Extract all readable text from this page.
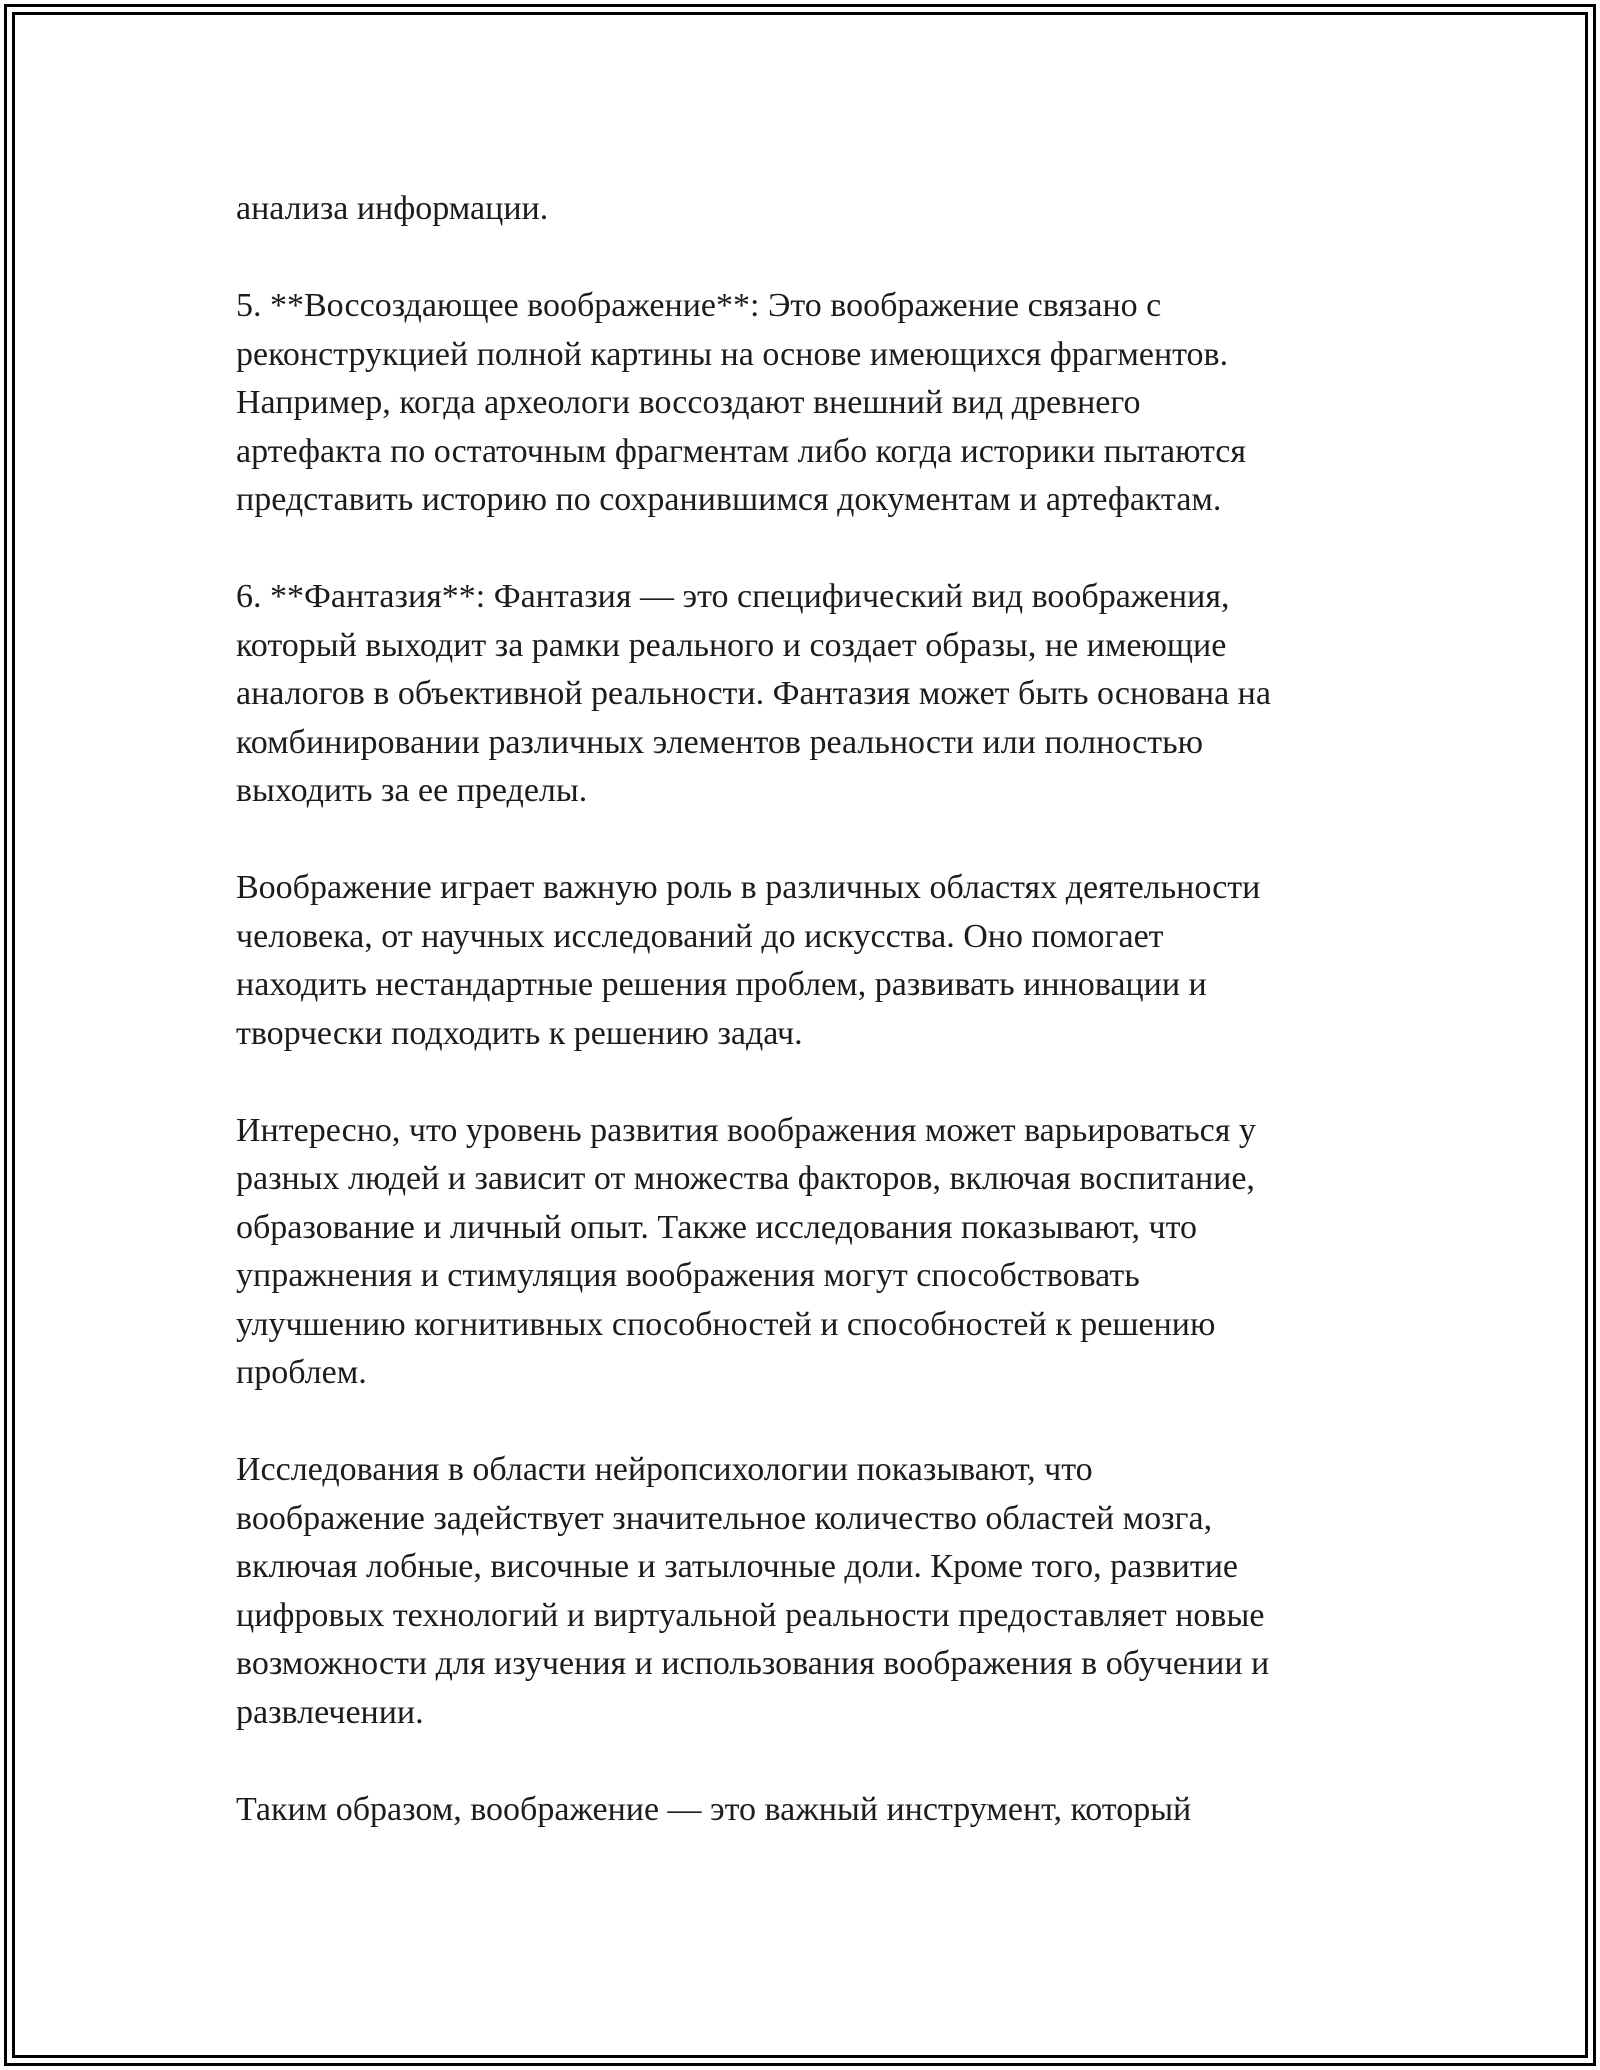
анализа информации.
5. **Воссоздающее воображение**: Это воображение связано с
реконструкцией полной картины на основе имеющихся фрагментов.
Например, когда археологи воссоздают внешний вид древнего
артефакта по остаточным фрагментам либо когда историки пытаются
представить историю по сохранившимся документам и артефактам.
6. **Фантазия**: Фантазия — это специфический вид воображения,
который выходит за рамки реального и создает образы, не имеющие
аналогов в объективной реальности. Фантазия может быть основана на
комбинировании различных элементов реальности или полностью
выходить за ее пределы.
Воображение играет важную роль в различных областях деятельности
человека, от научных исследований до искусства. Оно помогает
находить нестандартные решения проблем, развивать инновации и
творчески подходить к решению задач.
Интересно, что уровень развития воображения может варьироваться у
разных людей и зависит от множества факторов, включая воспитание,
образование и личный опыт. Также исследования показывают, что
упражнения и стимуляция воображения могут способствовать
улучшению когнитивных способностей и способностей к решению
проблем.
Исследования в области нейропсихологии показывают, что
воображение задействует значительное количество областей мозга,
включая лобные, височные и затылочные доли. Кроме того, развитие
цифровых технологий и виртуальной реальности предоставляет новые
возможности для изучения и использования воображения в обучении и
развлечении.
Таким образом, воображение — это важный инструмент, который
